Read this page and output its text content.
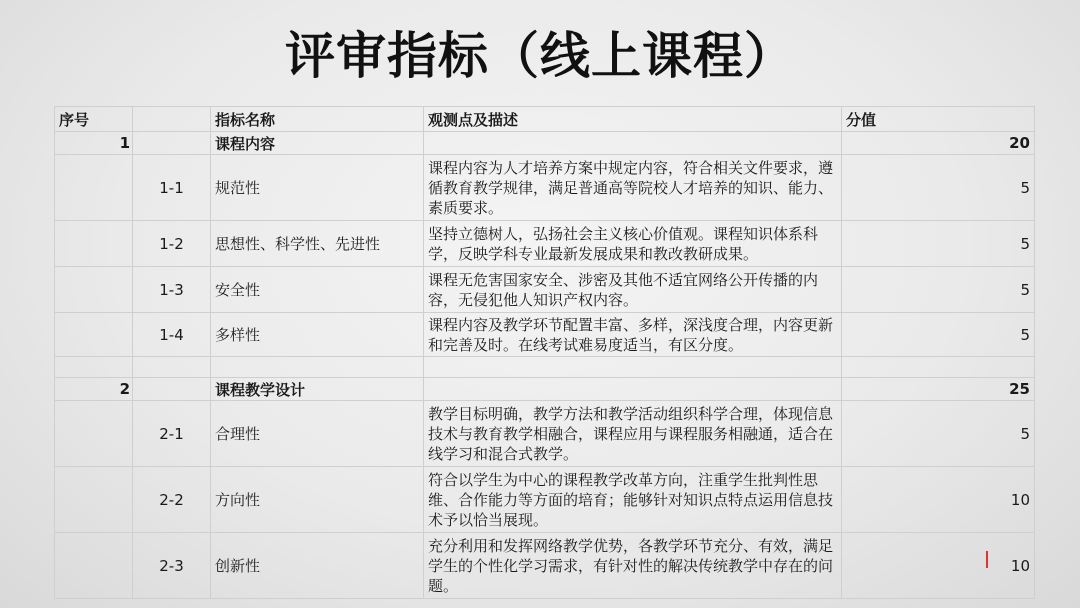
评审指标（线上课程）
序号		指标名称	观测点及描述	分值
1		课程内容		20
	1-1	规范性	课程内容为人才培养方案中规定内容，符合相关文件要求，遵循教育教学规律，满足普通高等院校人才培养的知识、能力、素质要求。	5
	1-2	思想性、科学性、先进性	坚持立德树人，弘扬社会主义核心价值观。课程知识体系科学，反映学科专业最新发展成果和教改教研成果。	5
	1-3	安全性	课程无危害国家安全、涉密及其他不适宜网络公开传播的内容，无侵犯他人知识产权内容。	5
	1-4	多样性	课程内容及教学环节配置丰富、多样，深浅度合理，内容更新和完善及时。在线考试难易度适当，有区分度。	5

2		课程教学设计		25
	2-1	合理性	教学目标明确，教学方法和教学活动组织科学合理，体现信息技术与教育教学相融合，课程应用与课程服务相融通，适合在线学习和混合式教学。	5
	2-2	方向性	符合以学生为中心的课程教学改革方向，注重学生批判性思维、合作能力等方面的培育；能够针对知识点特点运用信息技术予以恰当展现。	10
	2-3	创新性	充分利用和发挥网络教学优势，各教学环节充分、有效，满足学生的个性化学习需求，有针对性的解决传统教学中存在的问题。	10
